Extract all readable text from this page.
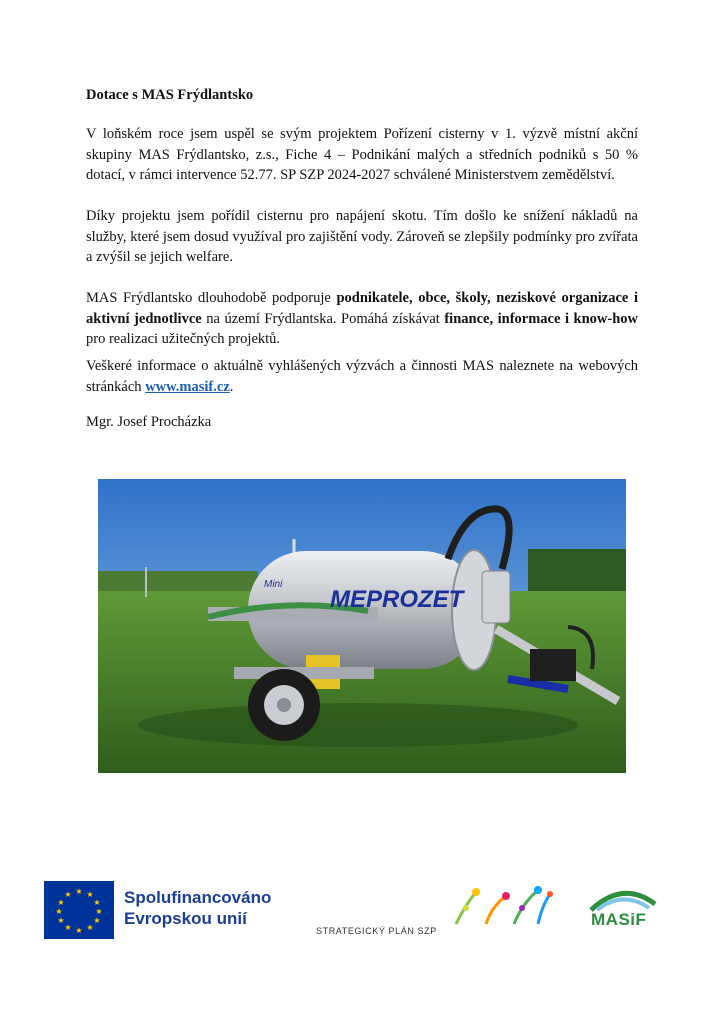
Dotace s MAS Frýdlantsko

V loňském roce jsem uspěl se svým projektem Pořízení cisterny v 1. výzvě místní akční skupiny MAS Frýdlantsko, z.s., Fiche 4 – Podnikání malých a středních podniků s 50 % dotací, v rámci intervence 52.77. SP SZP 2024-2027 schválené Ministerstvem zemědělství.

Díky projektu jsem pořídil cisternu pro napájení skotu. Tím došlo ke snížení nákladů na služby, které jsem dosud využíval pro zajištění vody. Zároveň se zlepšily podmínky pro zvířata a zvýšil se jejich welfare.

MAS Frýdlantsko dlouhodobě podporuje podnikatele, obce, školy, neziskové organizace i aktivní jednotlivce na území Frýdlantska. Pomáhá získávat finance, informace i know-how pro realizaci užitečných projektů.

Veškeré informace o aktuálně vyhlášených výzvách a činnosti MAS naleznete na webových stránkách www.masif.cz.

Mgr. Josef Procházka
MEPROZET
Mini
★ ★
★
★
★
★
★
★
★
★
★
★	Spolufinancováno
Evropskou unií
STRATEGICKÝ PLÁN SZP
MASiF
